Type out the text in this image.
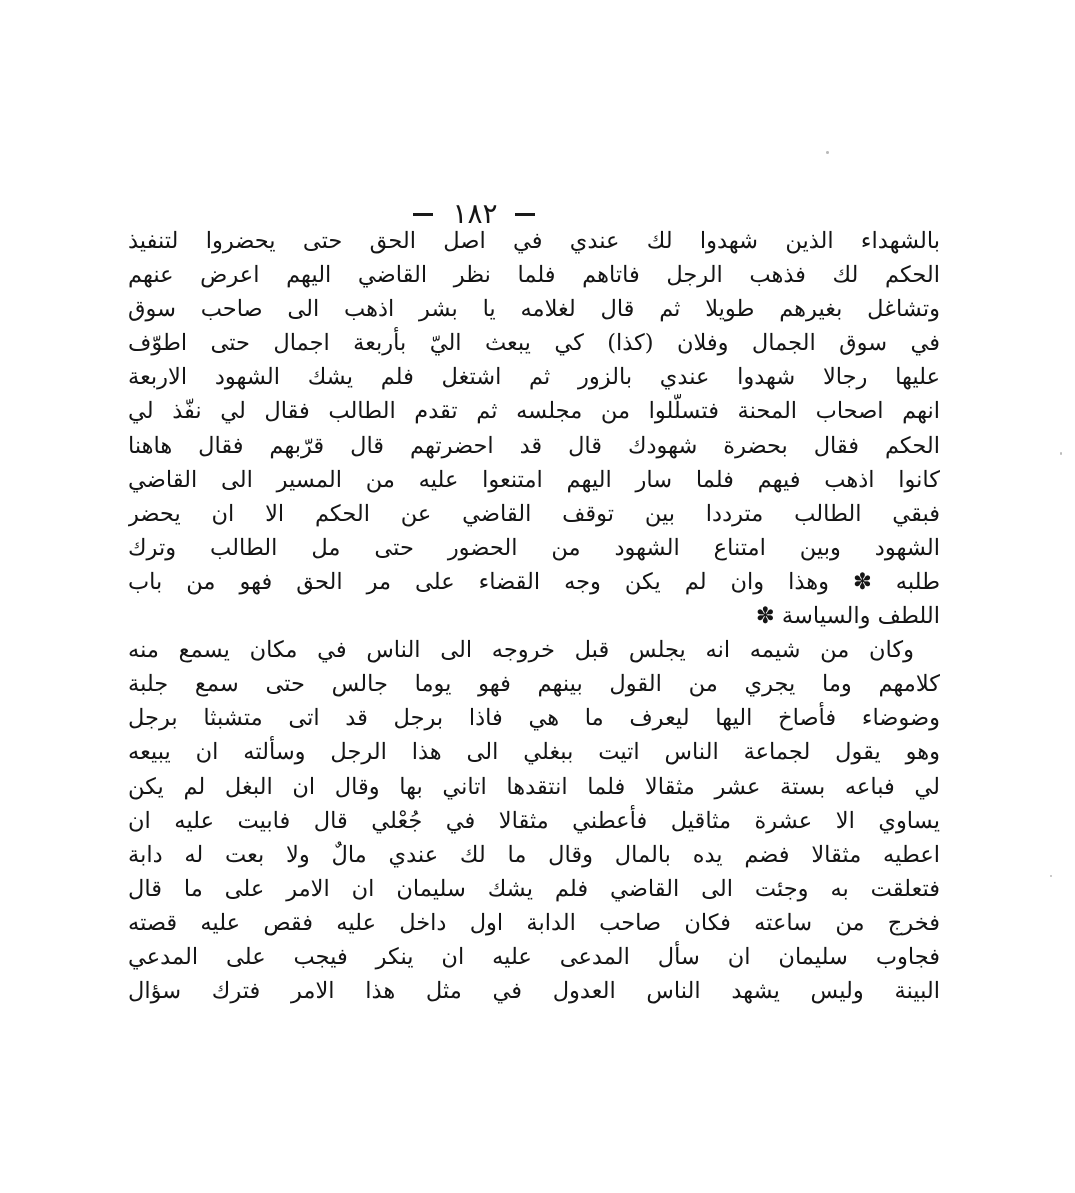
١٨٢
بالشهداء الذين شهدوا لك عندي في اصل الحق حتى يحضروا لتنفيذ
الحكم لك فذهب الرجل فاتاهم فلما نظر القاضي اليهم اعرض عنهم
وتشاغل بغيرهم طويلا ثم قال لغلامه يا بشر اذهب الى صاحب سوق
في سوق الجمال وفلان (كذا) كي يبعث اليّ بأربعة اجمال حتى اطوّف
عليها رجالا شهدوا عندي بالزور ثم اشتغل فلم يشك الشهود الاربعة
انهم اصحاب المحنة فتسلّلوا من مجلسه ثم تقدم الطالب فقال لي نفّذ لي
الحكم فقال بحضرة شهودك قال قد احضرتهم قال قرّبهم فقال هاهنا
كانوا اذهب فيهم فلما سار اليهم امتنعوا عليه من المسير الى القاضي
فبقي الطالب مترددا بين توقف القاضي عن الحكم الا ان يحضر
الشهود وبين امتناع الشهود من الحضور حتى مل الطالب وترك
طلبه ✽ وهذا وان لم يكن وجه القضاء على مر الحق فهو من باب
اللطف والسياسة ✽
وكان من شيمه انه يجلس قبل خروجه الى الناس في مكان يسمع منه
كلامهم وما يجري من القول بينهم فهو يوما جالس حتى سمع جلبة
وضوضاء فأصاخ اليها ليعرف ما هي فاذا برجل قد اتى متشبثا برجل
وهو يقول لجماعة الناس اتيت ببغلي الى هذا الرجل وسألته ان يبيعه
لي فباعه بستة عشر مثقالا فلما انتقدها اتاني بها وقال ان البغل لم يكن
يساوي الا عشرة مثاقيل فأعطني مثقالا في جُعْلي قال فابيت عليه ان
اعطيه مثقالا فضم يده بالمال وقال ما لك عندي مالٌ ولا بعت له دابة
فتعلقت به وجئت الى القاضي فلم يشك سليمان ان الامر على ما قال
فخرج من ساعته فكان صاحب الدابة اول داخل عليه فقص عليه قصته
فجاوب سليمان ان سأل المدعى عليه ان ينكر فيجب على المدعي
البينة وليس يشهد الناس العدول في مثل هذا الامر فترك سؤال
